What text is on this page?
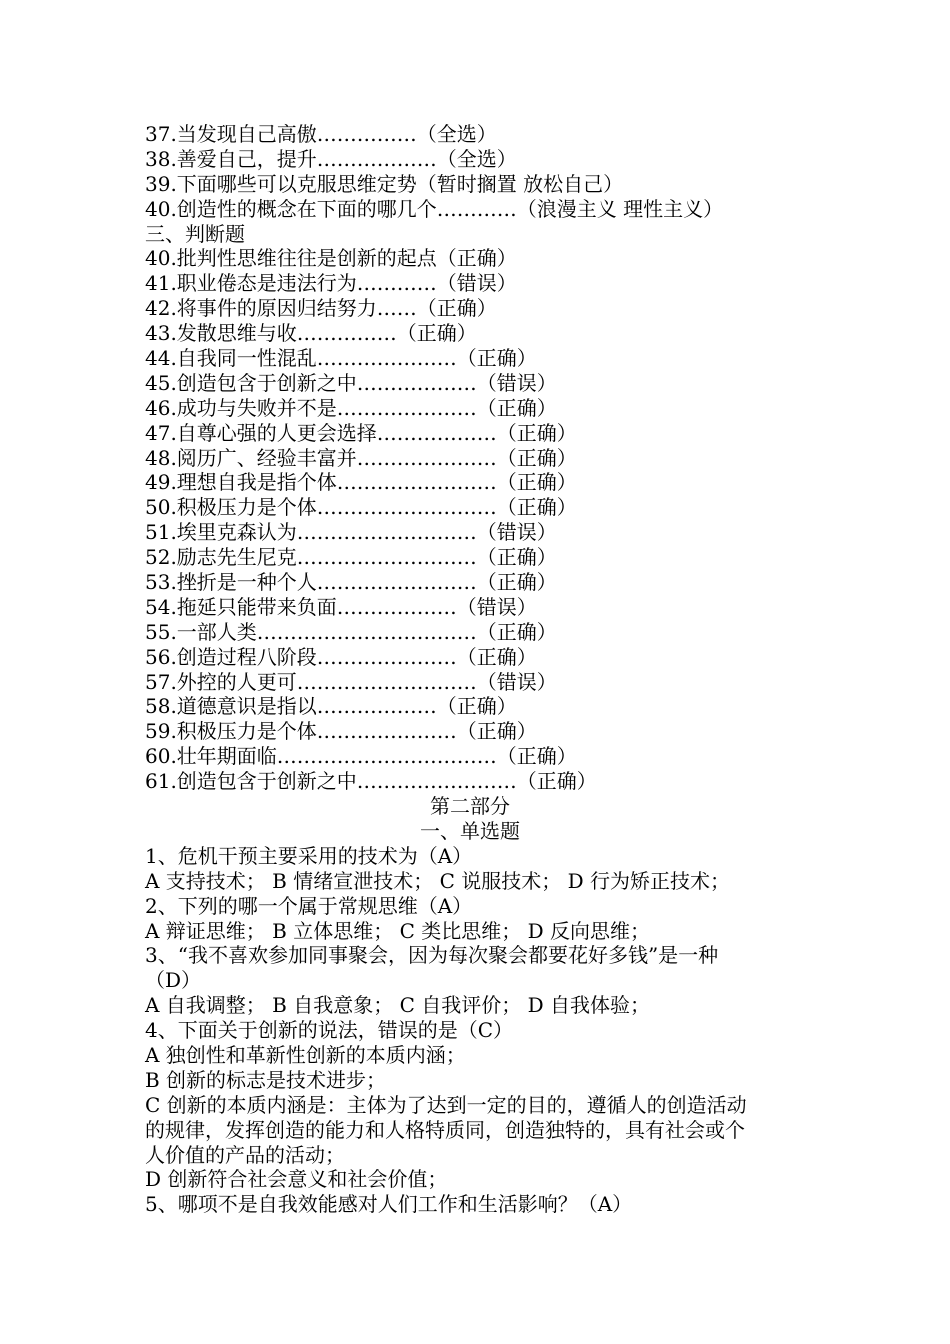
37.当发现自己高傲……………（全选）
38.善爱自己，提升………………（全选）
39.下面哪些可以克服思维定势（暂时搁置 放松自己）
40.创造性的概念在下面的哪几个…………（浪漫主义 理性主义）
三、判断题
40.批判性思维往往是创新的起点（正确）
41.职业倦态是违法行为…………（错误）
42.将事件的原因归结努力……（正确）
43.发散思维与收……………（正确）
44.自我同一性混乱…………………（正确）
45.创造包含于创新之中………………（错误）
46.成功与失败并不是…………………（正确）
47.自尊心强的人更会选择………………（正确）
48.阅历广、经验丰富并…………………（正确）
49.理想自我是指个体……………………（正确）
50.积极压力是个体………………………（正确）
51.埃里克森认为………………………（错误）
52.励志先生尼克………………………（正确）
53.挫折是一种个人……………………（正确）
54.拖延只能带来负面………………（错误）
55.一部人类……………………………（正确）
56.创造过程八阶段…………………（正确）
57.外控的人更可………………………（错误）
58.道德意识是指以………………（正确）
59.积极压力是个体…………………（正确）
60.壮年期面临……………………………（正确）
61.创造包含于创新之中……………………（正确）
第二部分
一、单选题
1、危机干预主要采用的技术为（A）
A 支持技术； B 情绪宣泄技术； C 说服技术； D 行为矫正技术；
2、下列的哪一个属于常规思维（A）
A 辩证思维； B 立体思维； C 类比思维； D 反向思维；
3、“我不喜欢参加同事聚会，因为每次聚会都要花好多钱”是一种
（D）
A 自我调整； B 自我意象； C 自我评价； D 自我体验；
4、下面关于创新的说法，错误的是（C）
A 独创性和革新性创新的本质内涵；
B 创新的标志是技术进步；
C 创新的本质内涵是：主体为了达到一定的目的，遵循人的创造活动
的规律，发挥创造的能力和人格特质同，创造独特的，具有社会或个
人价值的产品的活动；
D 创新符合社会意义和社会价值；
5、哪项不是自我效能感对人们工作和生活影响？（A）
